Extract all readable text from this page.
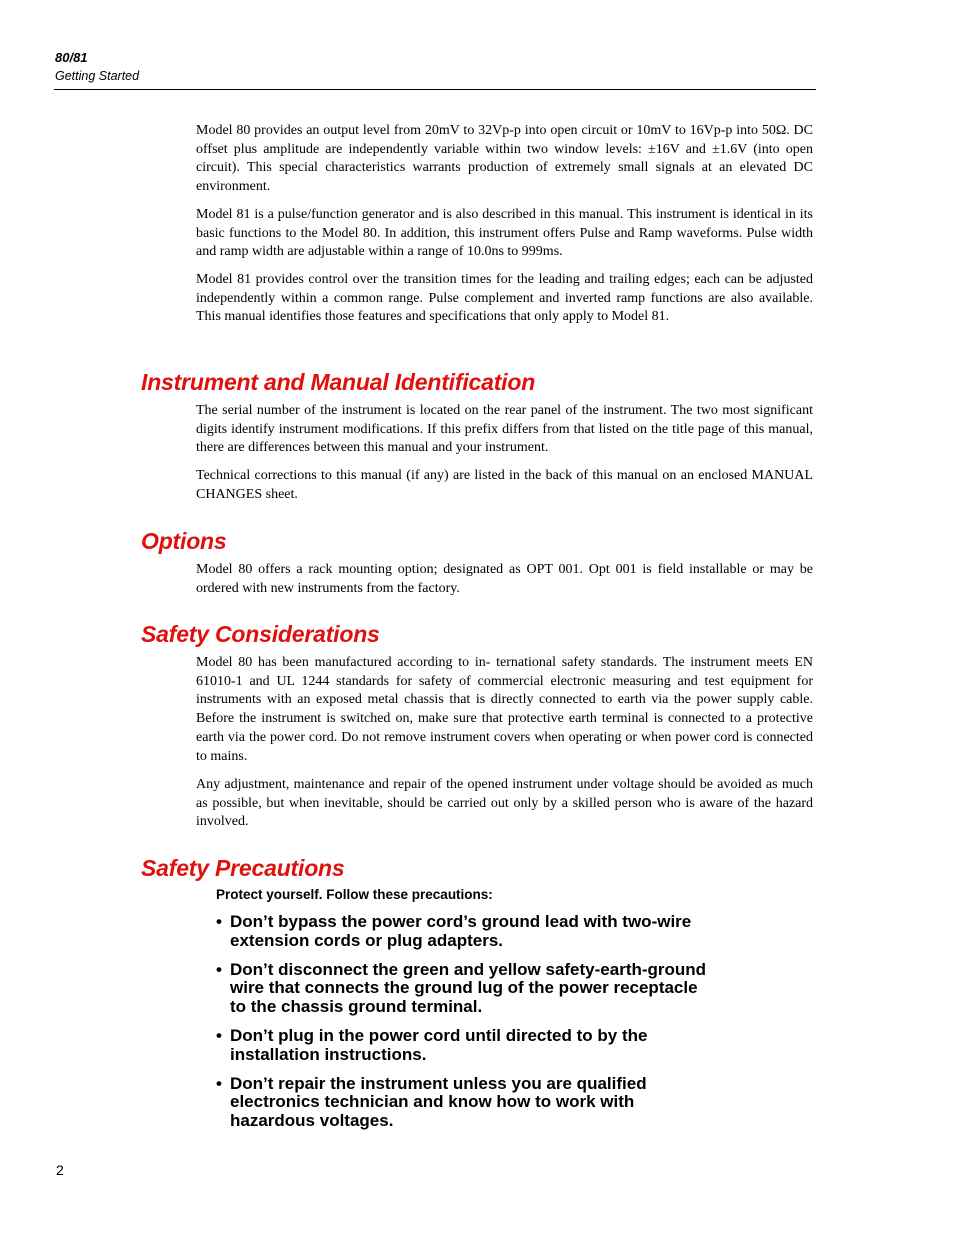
80/81
Getting Started

Model 80 provides an output level from 20mV to 32Vp-p into open circuit or 10mV to 16Vp-p into 50Ω. DC offset plus amplitude are independently variable within two window levels: ±16V and ±1.6V (into open circuit). This special characteristics warrants production of extremely small signals at an elevated DC environment.

Model 81 is a pulse/function generator and is also described in this manual. This instrument is identical in its basic functions to the Model 80. In addition, this instrument offers Pulse and Ramp waveforms. Pulse width and ramp width are adjustable within a range of 10.0ns to 999ms.

Model 81 provides control over the transition times for the leading and trailing edges; each can be adjusted independently within a common range. Pulse complement and inverted ramp functions are also available. This manual identifies those features and specifications that only apply to Model 81.

Instrument and Manual Identification

The serial number of the instrument is located on the rear panel of the instrument. The two most significant digits identify instrument modifications. If this prefix differs from that listed on the title page of this manual, there are differences between this manual and your instrument.

Technical corrections to this manual (if any) are listed in the back of this manual on an enclosed MANUAL CHANGES sheet.

Options

Model 80 offers a rack mounting option; designated as OPT 001. Opt 001 is field installable or may be ordered with new instruments from the factory.

Safety Considerations

Model 80 has been manufactured according to in- ternational safety standards. The instrument meets EN 61010-1 and UL 1244 standards for safety of commercial electronic measuring and test equipment for instruments with an exposed metal chassis that is directly connected to earth via the power supply cable. Before the instrument is switched on, make sure that protective earth terminal is connected to a protective earth via the power cord. Do not remove instrument covers when operating or when power cord is connected to mains.

Any adjustment, maintenance and repair of the opened instrument under voltage should be avoided as much as possible, but when inevitable, should be carried out only by a skilled person who is aware of the hazard involved.

Safety Precautions

Protect yourself. Follow these precautions:

• Don’t bypass the power cord’s ground lead with two-wire extension cords or plug adapters.
• Don’t disconnect the green and yellow safety-earth-ground wire that connects the ground lug of the power receptacle to the chassis ground terminal.
• Don’t plug in the power cord until directed to by the installation instructions.
• Don’t repair the instrument unless you are qualified electronics technician and know how to work with hazardous voltages.
2
